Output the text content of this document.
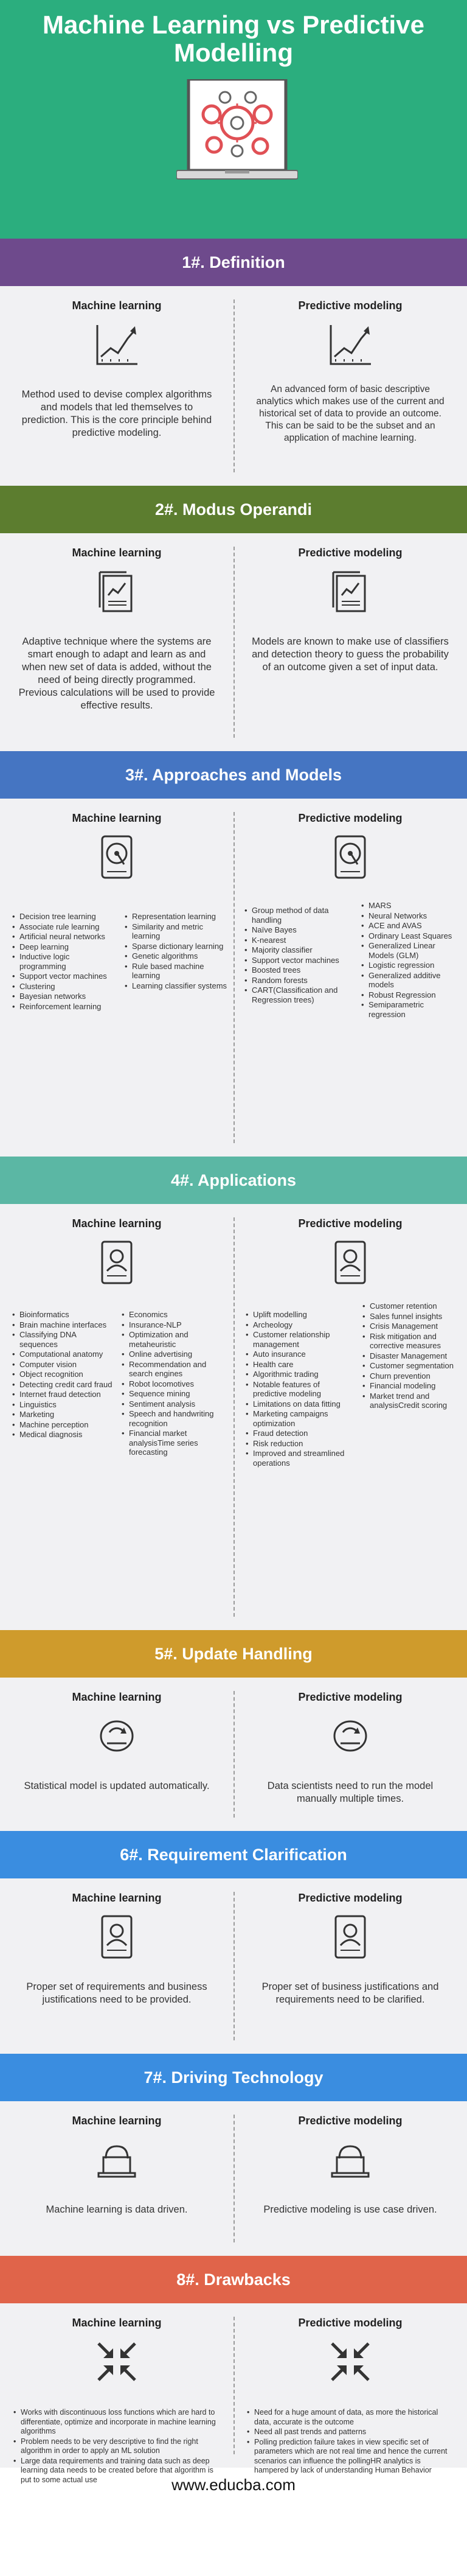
Machine Learning vs Predictive Modelling
1#. Definition
Machine learning

Method used to devise complex algorithms and models that led themselves to prediction. This is the core principle behind predictive modeling.

Predictive modeling

An advanced form of basic descriptive analytics which makes use of the current and historical set of data to provide an outcome. This can be said to be the subset and an application of machine learning.

2#. Modus Operandi
Machine learning

Adaptive technique where the systems are smart enough to adapt and learn as and when new set of data is added, without the need of being directly programmed. Previous calculations will be used to provide effective results.

Predictive modeling

Models are known to make use of classifiers and detection theory to guess the probability of an outcome given a set of input data.

3#. Approaches and Models
Machine learning
• Decision tree learning
• Associate rule learning
• Artificial neural networks
• Deep learning
• Inductive logic programming
• Support vector machines
• Clustering
• Bayesian networks
• Reinforcement learning
• Representation learning
• Similarity and metric learning
• Sparse dictionary learning
• Genetic algorithms
• Rule based machine learning
• Learning classifier systems
Predictive modeling
• Group method of data handling
• Naïve Bayes
• K-nearest
• Majority classifier
• Support vector machines
• Boosted trees
• Random forests
• CART(Classification and Regression trees)
• MARS
• Neural Networks
• ACE and AVAS
• Ordinary Least Squares
• Generalized Linear Models (GLM)
• Logistic regression
• Generalized additive models
• Robust Regression
• Semiparametric regression
4#. Applications
Machine learning
• Bioinformatics
• Brain machine interfaces
• Classifying DNA sequences
• Computational anatomy
• Computer vision
• Object recognition
• Detecting credit card fraud
• Internet fraud detection
• Linguistics
• Marketing
• Machine perception
• Medical diagnosis
• Economics
• Insurance-NLP
• Optimization and metaheuristic
• Online advertising
• Recommendation and search engines
• Robot locomotives
• Sequence mining
• Sentiment analysis
• Speech and handwriting recognition
• Financial market analysisTime series forecasting
Predictive modeling
• Uplift modelling
• Archeology
• Customer relationship management
• Auto insurance
• Health care
• Algorithmic trading
• Notable features of predictive modeling
• Limitations on data fitting
• Marketing campaigns optimization
• Fraud detection
• Risk reduction
• Improved and streamlined operations
• Customer retention
• Sales funnel insights
• Crisis Management
• Risk mitigation and corrective measures
• Disaster Management
• Customer segmentation
• Churn prevention
• Financial modeling
• Market trend and analysisCredit scoring
5#. Update Handling
Machine learning

Statistical model is updated automatically.

Predictive modeling

Data scientists need to run the model manually multiple times.

6#. Requirement Clarification
Machine learning

Proper set of requirements and business justifications need to be provided.

Predictive modeling

Proper set of business justifications and requirements need to be clarified.

7#. Driving Technology
Machine learning

Machine learning is data driven.

Predictive modeling

Predictive modeling is use case driven.

8#. Drawbacks
Machine learning
• Works with discontinuous loss functions which are hard to differentiate, optimize and incorporate in machine learning algorithms
• Problem needs to be very descriptive to find the right algorithm in order to apply an ML solution
• Large data requirements and training data such as deep learning data needs to be created before that algorithm is put to some actual use
Predictive modeling
• Need for a huge amount of data, as more the historical data, accurate is the outcome
• Need all past trends and patterns
• Polling prediction failure takes in view specific set of parameters which are not real time and hence the current scenarios can influence the pollingHR analytics is hampered by lack of understanding Human Behavior
www.educba.com
